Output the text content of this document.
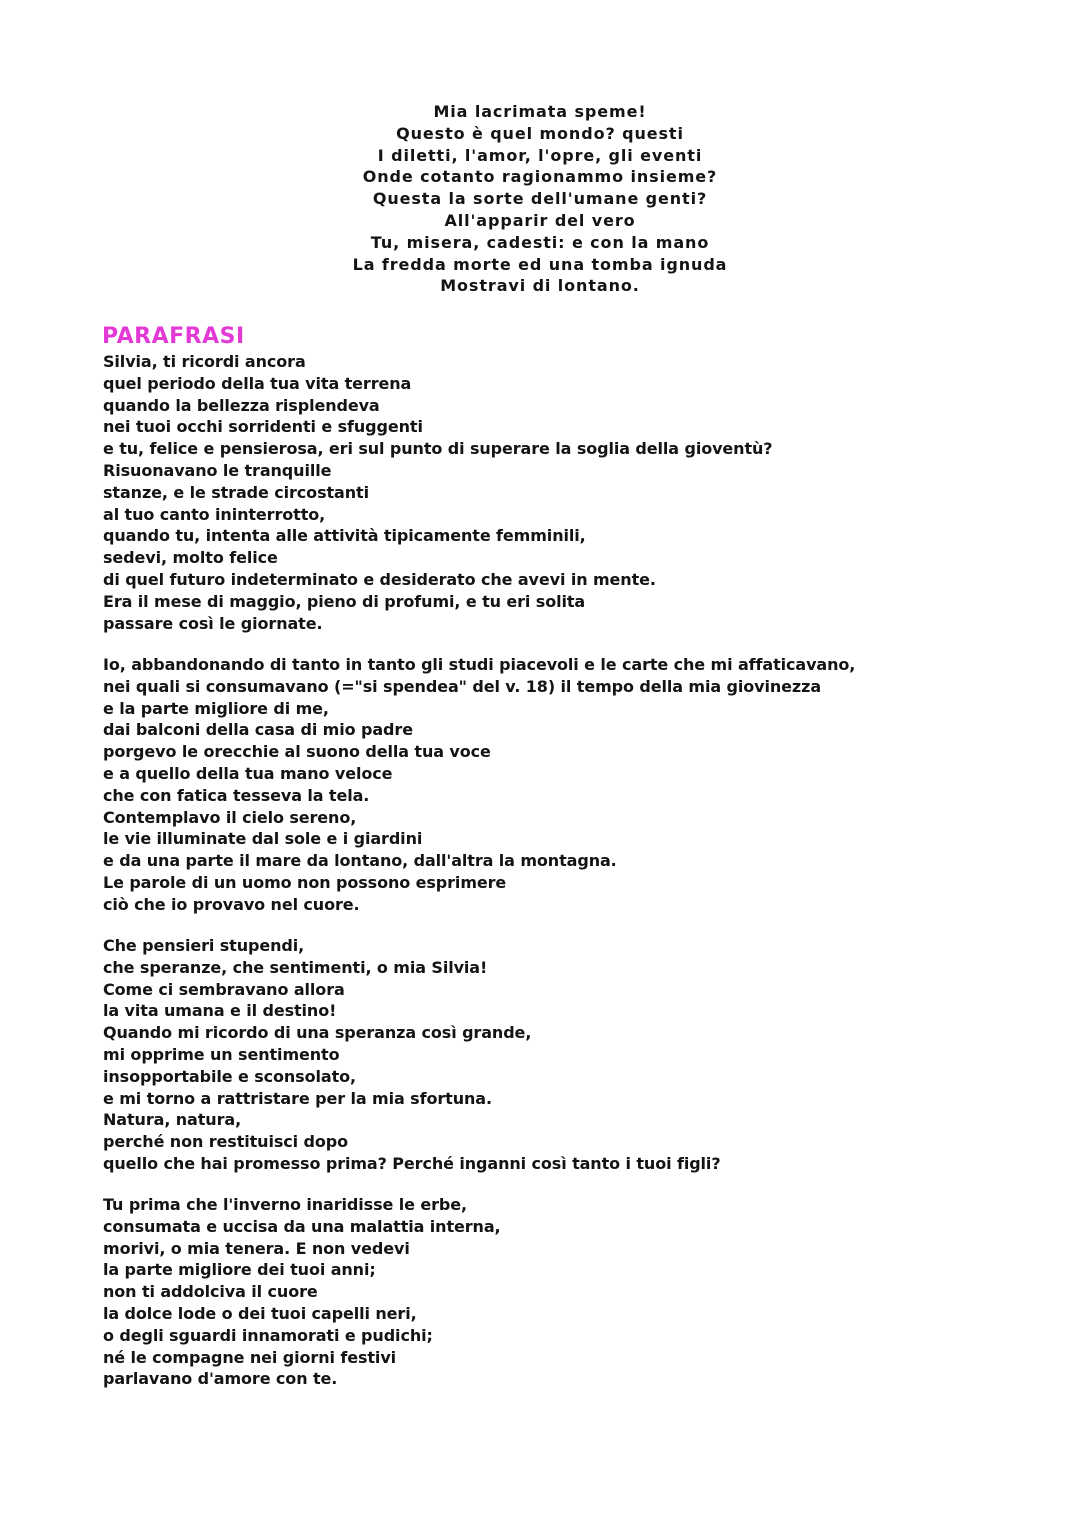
Mia lacrimata speme!
Questo è quel mondo? questi
I diletti, l'amor, l'opre, gli eventi
Onde cotanto ragionammo insieme?
Questa la sorte dell'umane genti?
All'apparir del vero
Tu, misera, cadesti: e con la mano
La fredda morte ed una tomba ignuda
Mostravi di lontano.
PARAFRASI
Silvia, ti ricordi ancora
quel periodo della tua vita terrena
quando la bellezza risplendeva
nei tuoi occhi sorridenti e sfuggenti
e tu, felice e pensierosa, eri sul punto di superare la soglia della gioventù?
Risuonavano le tranquille
stanze, e le strade circostanti
al tuo canto ininterrotto,
quando tu, intenta alle attività tipicamente femminili,
sedevi, molto felice
di quel futuro indeterminato e desiderato che avevi in mente.
Era il mese di maggio, pieno di profumi, e tu eri solita
passare così le giornate.
Io, abbandonando di tanto in tanto gli studi piacevoli e le carte che mi affaticavano,
nei quali si consumavano (="si spendea" del v. 18) il tempo della mia giovinezza
e la parte migliore di me,
dai balconi della casa di mio padre
porgevo le orecchie al suono della tua voce
e a quello della tua mano veloce
che con fatica tesseva la tela.
Contemplavo il cielo sereno,
le vie illuminate dal sole e i giardini
e da una parte il mare da lontano, dall'altra la montagna.
Le parole di un uomo non possono esprimere
ciò che io provavo nel cuore.
Che pensieri stupendi,
che speranze, che sentimenti, o mia Silvia!
Come ci sembravano allora
la vita umana e il destino!
Quando mi ricordo di una speranza così grande,
mi opprime un sentimento
insopportabile e sconsolato,
e mi torno a rattristare per la mia sfortuna.
Natura, natura,
perché non restituisci dopo
quello che hai promesso prima? Perché inganni così tanto i tuoi figli?
Tu prima che l'inverno inaridisse le erbe,
consumata e uccisa da una malattia interna,
morivi, o mia tenera. E non vedevi
la parte migliore dei tuoi anni;
non ti addolciva il cuore
la dolce lode o dei tuoi capelli neri,
o degli sguardi innamorati e pudichi;
né le compagne nei giorni festivi
parlavano d'amore con te.
